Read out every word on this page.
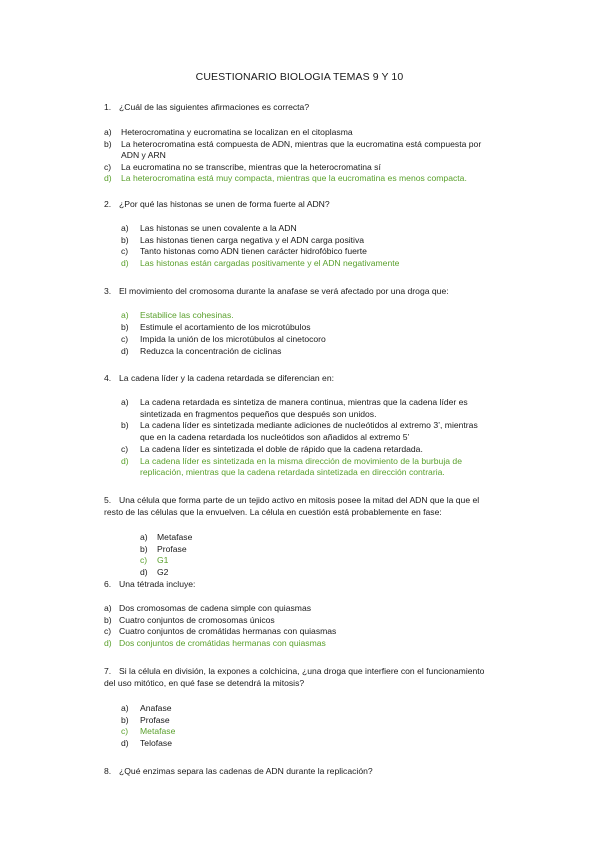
CUESTIONARIO BIOLOGIA TEMAS 9 Y 10
1. ¿Cuál de las siguientes afirmaciones es correcta?
a) Heterocromatina y eucromatina se localizan en el citoplasma
b) La heterocromatina está compuesta de ADN, mientras que la eucromatina está compuesta por
ADN y ARN
c) La eucromatina no se transcribe, mientras que la heterocromatina sí
d) La heterocromatina está muy compacta, mientras que la eucromatina es menos compacta.
2. ¿Por qué las histonas se unen de forma fuerte al ADN?
a) Las histonas se unen covalente a la ADN
b) Las histonas tienen carga negativa y el ADN carga positiva
c) Tanto histonas como ADN tienen carácter hidrofóbico fuerte
d) Las histonas están cargadas positivamente y el ADN negativamente
3. El movimiento del cromosoma durante la anafase se verá afectado por una droga que:
a) Estabilice las cohesinas.
b) Estimule el acortamiento de los microtúbulos
c) Impida la unión de los microtúbulos al cinetocoro
d) Reduzca la concentración de ciclinas
4. La cadena líder y la cadena retardada se diferencian en:
a) La cadena retardada es sintetiza de manera continua, mientras que la cadena líder es
sintetizada en fragmentos pequeños que después son unidos.
b) La cadena líder es sintetizada mediante adiciones de nucleótidos al extremo 3’, mientras
que en la cadena retardada los nucleótidos son añadidos al extremo 5’
c) La cadena líder es sintetizada el doble de rápido que la cadena retardada.
d) La cadena líder es sintetizada en la misma dirección de movimiento de la burbuja de
replicación, mientras que la cadena retardada sintetizada en dirección contraria.
5. Una célula que forma parte de un tejido activo en mitosis posee la mitad del ADN que la que el
resto de las células que la envuelven. La célula en cuestión está probablemente en fase:
a) Metafase
b) Profase
c) G1
d) G2
6. Una tétrada incluye:
a) Dos cromosomas de cadena simple con quiasmas
b) Cuatro conjuntos de cromosomas únicos
c) Cuatro conjuntos de cromátidas hermanas con quiasmas
d) Dos conjuntos de cromátidas hermanas con quiasmas
7. Si la célula en división, la expones a colchicina, ¿una droga que interfiere con el funcionamiento
del uso mitótico, en qué fase se detendrá la mitosis?
a) Anafase
b) Profase
c) Metafase
d) Telofase
8. ¿Qué enzimas separa las cadenas de ADN durante la replicación?
